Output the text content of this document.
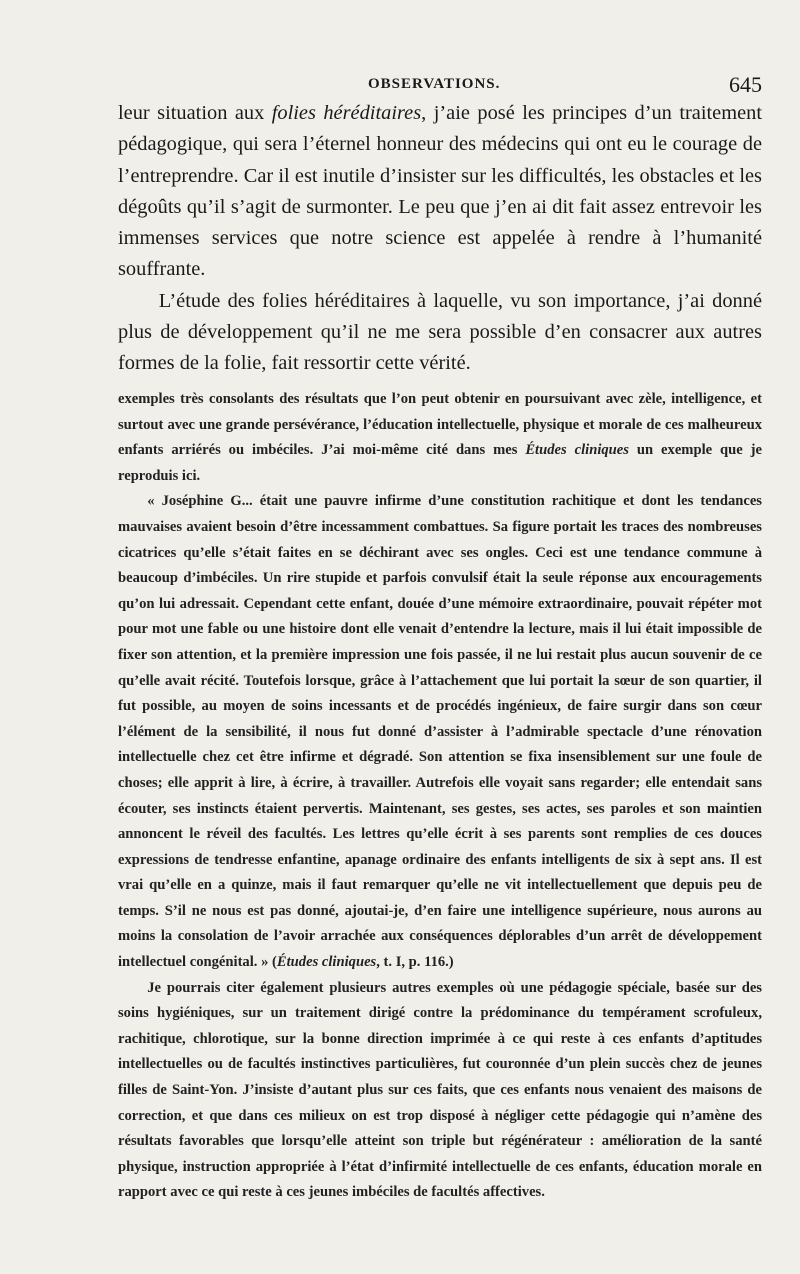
OBSERVATIONS.	645

leur situation aux folies héréditaires, j’aie posé les principes d’un traitement pédagogique, qui sera l’éternel honneur des médecins qui ont eu le courage de l’entreprendre. Car il est inutile d’insister sur les difficultés, les obstacles et les dégoûts qu’il s’agit de surmonter. Le peu que j’en ai dit fait assez entrevoir les immenses services que notre science est appelée à rendre à l’humanité souffrante.

L’étude des folies héréditaires à laquelle, vu son importance, j’ai donné plus de développement qu’il ne me sera possible d’en consacrer aux autres formes de la folie, fait ressortir cette vérité.

exemples très consolants des résultats que l’on peut obtenir en poursuivant avec zèle, intelligence, et surtout avec une grande persévérance, l’éducation intellectuelle, physique et morale de ces malheureux enfants arriérés ou imbéciles. J’ai moi-même cité dans mes Études cliniques un exemple que je reproduis ici.

« Joséphine G... était une pauvre infirme d’une constitution rachitique et dont les tendances mauvaises avaient besoin d’être incessamment combattues. Sa figure portait les traces des nombreuses cicatrices qu’elle s’était faites en se déchirant avec ses ongles. Ceci est une tendance commune à beaucoup d’imbéciles. Un rire stupide et parfois convulsif était la seule réponse aux encouragements qu’on lui adressait. Cependant cette enfant, douée d’une mémoire extraordinaire, pouvait répéter mot pour mot une fable ou une histoire dont elle venait d’entendre la lecture, mais il lui était impossible de fixer son attention, et la première impression une fois passée, il ne lui restait plus aucun souvenir de ce qu’elle avait récité. Toutefois lorsque, grâce à l’attachement que lui portait la sœur de son quartier, il fut possible, au moyen de soins incessants et de procédés ingénieux, de faire surgir dans son cœur l’élément de la sensibilité, il nous fut donné d’assister à l’admirable spectacle d’une rénovation intellectuelle chez cet être infirme et dégradé. Son attention se fixa insensiblement sur une foule de choses; elle apprit à lire, à écrire, à travailler. Autrefois elle voyait sans regarder; elle entendait sans écouter, ses instincts étaient pervertis. Maintenant, ses gestes, ses actes, ses paroles et son maintien annoncent le réveil des facultés. Les lettres qu’elle écrit à ses parents sont remplies de ces douces expressions de tendresse enfantine, apanage ordinaire des enfants intelligents de six à sept ans. Il est vrai qu’elle en a quinze, mais il faut remarquer qu’elle ne vit intellectuellement que depuis peu de temps. S’il ne nous est pas donné, ajoutai-je, d’en faire une intelligence supérieure, nous aurons au moins la consolation de l’avoir arrachée aux conséquences déplorables d’un arrêt de développement intellectuel congénital. » (Études cliniques, t. I, p. 116.)

Je pourrais citer également plusieurs autres exemples où une pédagogie spéciale, basée sur des soins hygiéniques, sur un traitement dirigé contre la prédominance du tempérament scrofuleux, rachitique, chlorotique, sur la bonne direction imprimée à ce qui reste à ces enfants d’aptitudes intellectuelles ou de facultés instinctives particulières, fut couronnée d’un plein succès chez de jeunes filles de Saint-Yon. J’insiste d’autant plus sur ces faits, que ces enfants nous venaient des maisons de correction, et que dans ces milieux on est trop disposé à négliger cette pédagogie qui n’amène des résultats favorables que lorsqu’elle atteint son triple but régénérateur : amélioration de la santé physique, instruction appropriée à l’état d’infirmité intellectuelle de ces enfants, éducation morale en rapport avec ce qui reste à ces jeunes imbéciles de facultés affectives.
